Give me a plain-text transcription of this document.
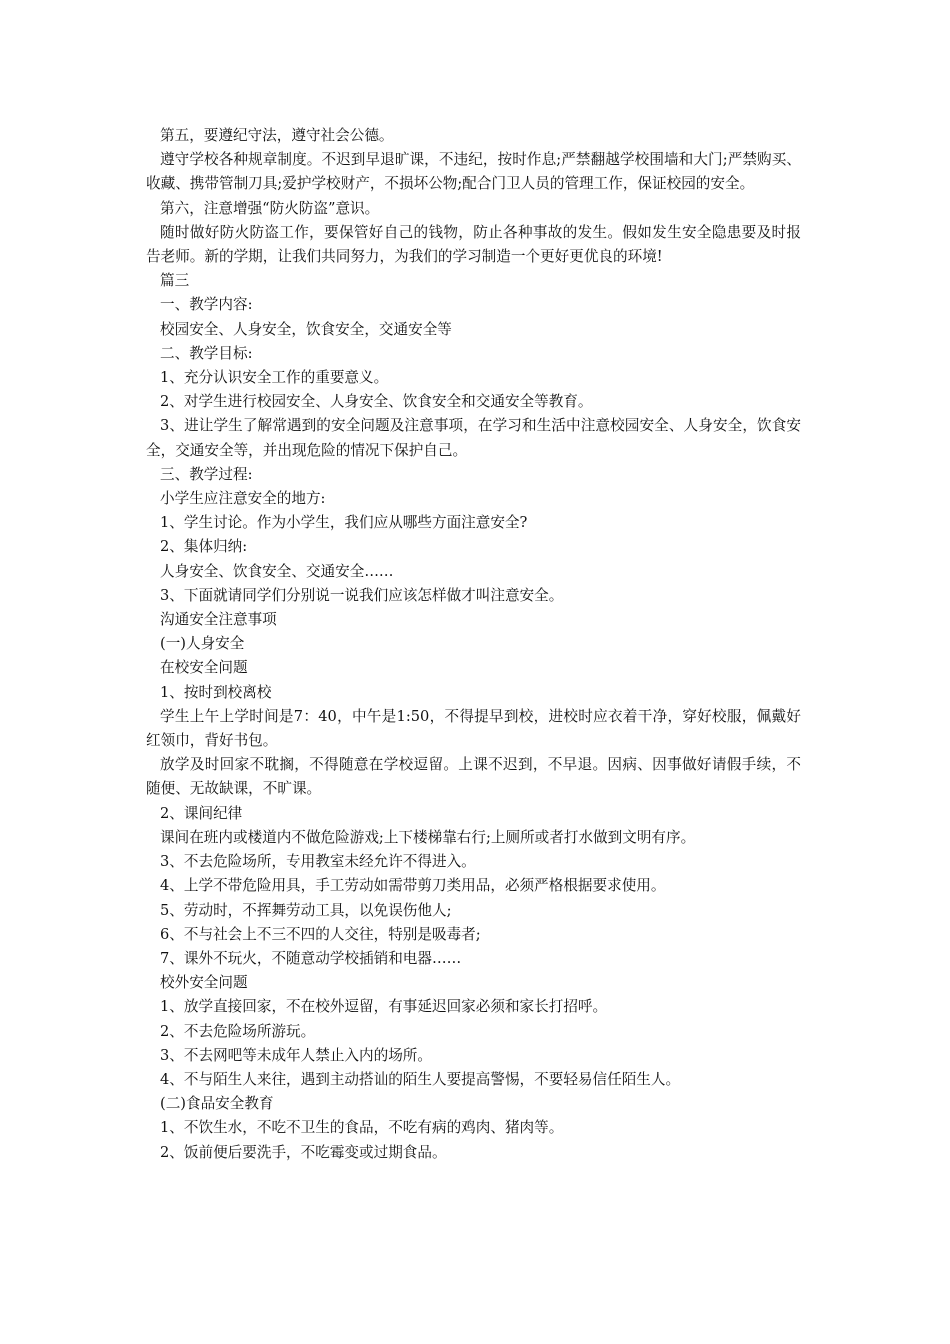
第五，要遵纪守法，遵守社会公德。

遵守学校各种规章制度。不迟到早退旷课，不违纪，按时作息;严禁翻越学校围墙和大门;严禁购买、收藏、携带管制刀具;爱护学校财产，不损坏公物;配合门卫人员的管理工作，保证校园的安全。

第六，注意增强“防火防盗”意识。

随时做好防火防盗工作，要保管好自己的钱物，防止各种事故的发生。假如发生安全隐患要及时报告老师。新的学期，让我们共同努力，为我们的学习制造一个更好更优良的环境!

篇三

一、教学内容:

校园安全、人身安全，饮食安全，交通安全等

二、教学目标:

1、充分认识安全工作的重要意义。

2、对学生进行校园安全、人身安全、饮食安全和交通安全等教育。

3、进让学生了解常遇到的安全问题及注意事项，在学习和生活中注意校园安全、人身安全，饮食安全，交通安全等，并出现危险的情况下保护自己。

三、教学过程:

小学生应注意安全的地方:

1、学生讨论。作为小学生，我们应从哪些方面注意安全?

2、集体归纳:

人身安全、饮食安全、交通安全……

3、下面就请同学们分别说一说我们应该怎样做才叫注意安全。

沟通安全注意事项

(一)人身安全

在校安全问题

1、按时到校离校

学生上午上学时间是7：40，中午是1:50，不得提早到校，进校时应衣着干净，穿好校服，佩戴好红领巾，背好书包。

放学及时回家不耽搁，不得随意在学校逗留。上课不迟到，不早退。因病、因事做好请假手续，不随便、无故缺课，不旷课。

2、课间纪律

课间在班内或楼道内不做危险游戏;上下楼梯靠右行;上厕所或者打水做到文明有序。

3、不去危险场所，专用教室未经允许不得进入。

4、上学不带危险用具，手工劳动如需带剪刀类用品，必须严格根据要求使用。

5、劳动时，不挥舞劳动工具，以免误伤他人;

6、不与社会上不三不四的人交往，特别是吸毒者;

7、课外不玩火，不随意动学校插销和电器……

校外安全问题

1、放学直接回家，不在校外逗留，有事延迟回家必须和家长打招呼。

2、不去危险场所游玩。

3、不去网吧等未成年人禁止入内的场所。

4、不与陌生人来往，遇到主动搭讪的陌生人要提高警惕，不要轻易信任陌生人。

(二)食品安全教育

1、不饮生水，不吃不卫生的食品，不吃有病的鸡肉、猪肉等。

2、饭前便后要洗手，不吃霉变或过期食品。
